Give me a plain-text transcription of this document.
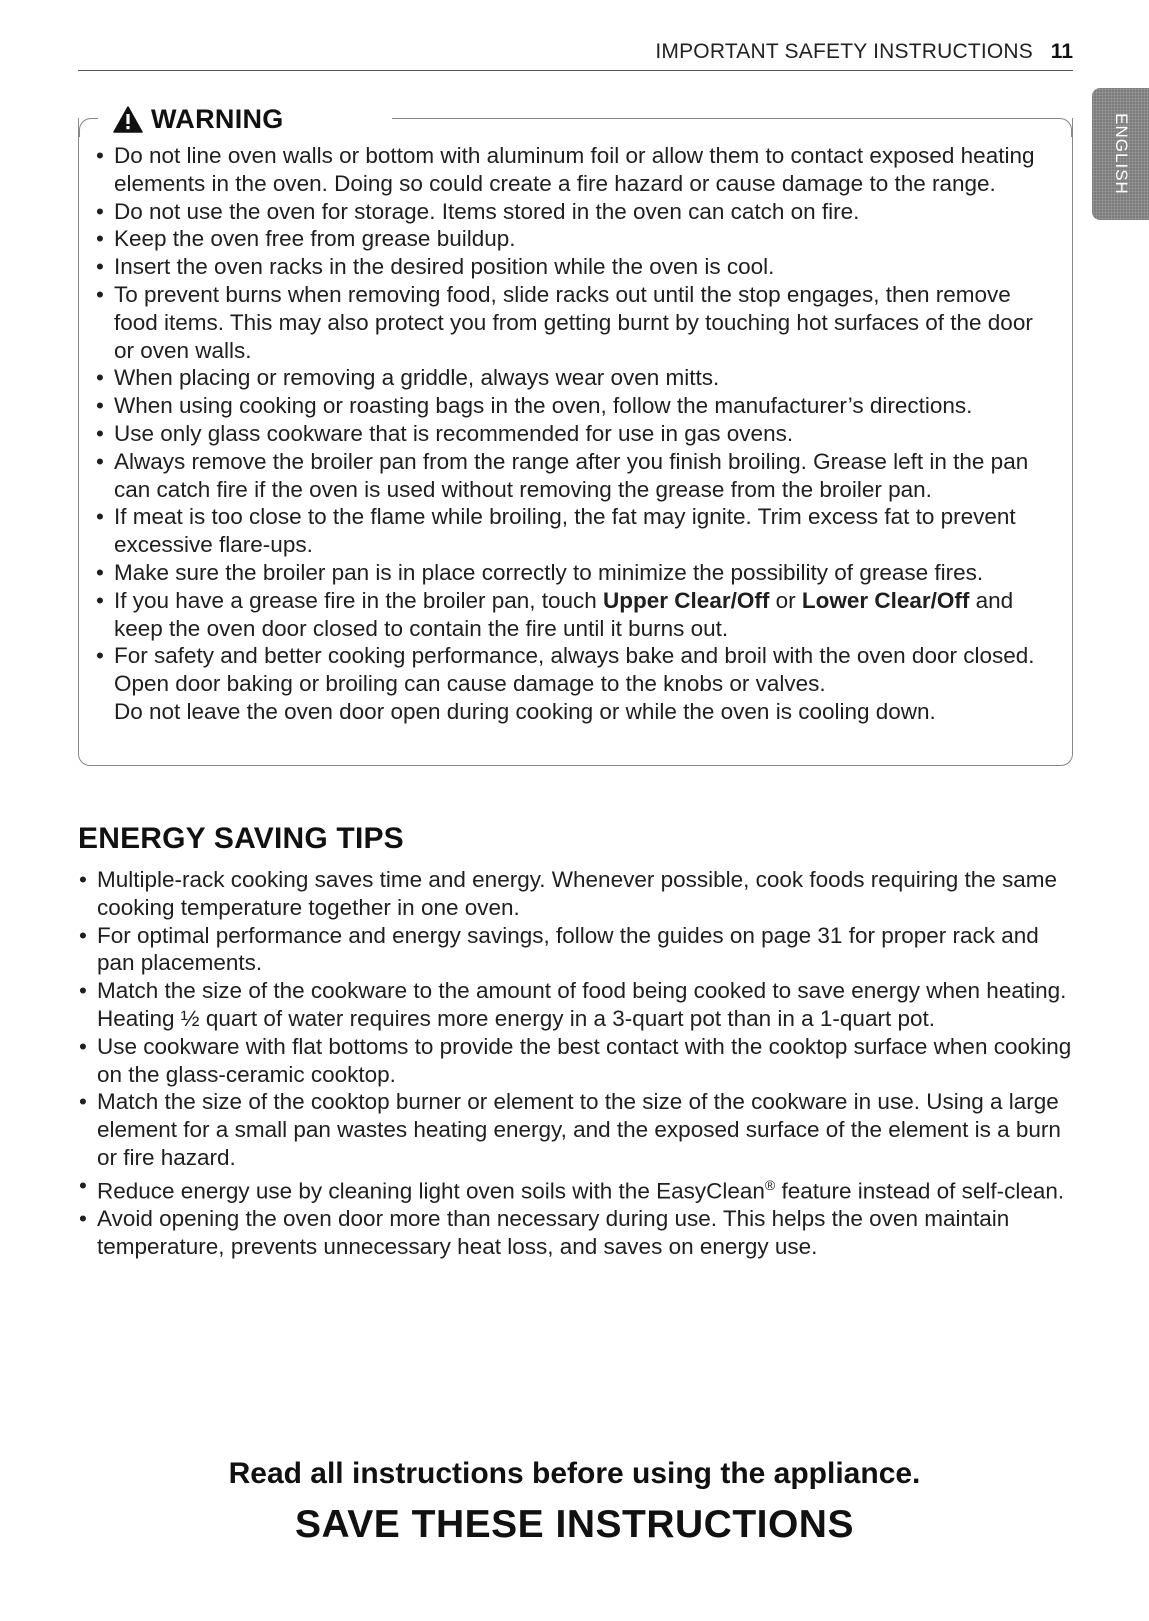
IMPORTANT SAFETY INSTRUCTIONS 11
ENGLISH
WARNING
• Do not line oven walls or bottom with aluminum foil or allow them to contact exposed heating elements in the oven. Doing so could create a fire hazard or cause damage to the range.
• Do not use the oven for storage. Items stored in the oven can catch on fire.
• Keep the oven free from grease buildup.
• Insert the oven racks in the desired position while the oven is cool.
• To prevent burns when removing food, slide racks out until the stop engages, then remove food items. This may also protect you from getting burnt by touching hot surfaces of the door or oven walls.
• When placing or removing a griddle, always wear oven mitts.
• When using cooking or roasting bags in the oven, follow the manufacturer’s directions.
• Use only glass cookware that is recommended for use in gas ovens.
• Always remove the broiler pan from the range after you finish broiling. Grease left in the pan can catch fire if the oven is used without removing the grease from the broiler pan.
• If meat is too close to the flame while broiling, the fat may ignite. Trim excess fat to prevent excessive flare-ups.
• Make sure the broiler pan is in place correctly to minimize the possibility of grease fires.
• If you have a grease fire in the broiler pan, touch Upper Clear/Off or Lower Clear/Off and keep the oven door closed to contain the fire until it burns out.
• For safety and better cooking performance, always bake and broil with the oven door closed. Open door baking or broiling can cause damage to the knobs or valves.
Do not leave the oven door open during cooking or while the oven is cooling down.
ENERGY SAVING TIPS
• Multiple-rack cooking saves time and energy. Whenever possible, cook foods requiring the same cooking temperature together in one oven.
• For optimal performance and energy savings, follow the guides on page 31 for proper rack and pan placements.
• Match the size of the cookware to the amount of food being cooked to save energy when heating. Heating ½ quart of water requires more energy in a 3-quart pot than in a 1-quart pot.
• Use cookware with flat bottoms to provide the best contact with the cooktop surface when cooking on the glass-ceramic cooktop.
• Match the size of the cooktop burner or element to the size of the cookware in use. Using a large element for a small pan wastes heating energy, and the exposed surface of the element is a burn or fire hazard.
• Reduce energy use by cleaning light oven soils with the EasyClean® feature instead of self-clean.
• Avoid opening the oven door more than necessary during use. This helps the oven maintain temperature, prevents unnecessary heat loss, and saves on energy use.
Read all instructions before using the appliance.
SAVE THESE INSTRUCTIONS
